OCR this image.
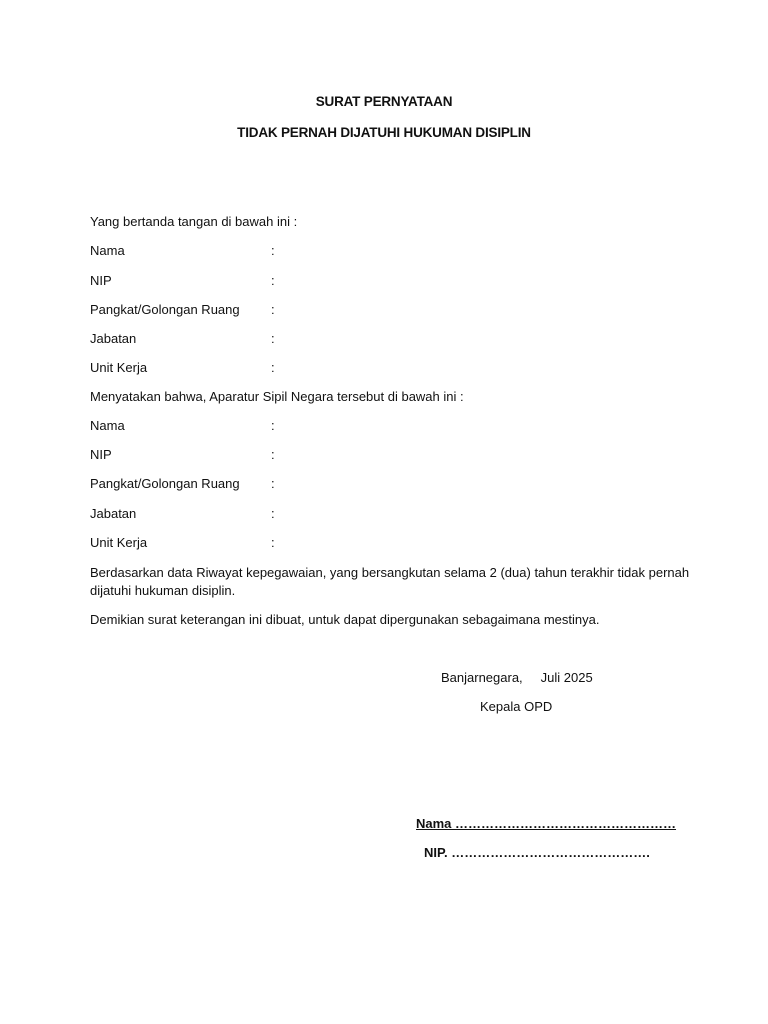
SURAT PERNYATAAN
TIDAK PERNAH DIJATUHI HUKUMAN DISIPLIN
Yang bertanda tangan di bawah ini :
Nama	:
NIP	:
Pangkat/Golongan Ruang :
Jabatan	:
Unit Kerja	:
Menyatakan bahwa, Aparatur Sipil Negara tersebut di bawah ini :
Nama	:
NIP	:
Pangkat/Golongan Ruang :
Jabatan	:
Unit Kerja	:
Berdasarkan data Riwayat kepegawaian, yang bersangkutan selama 2 (dua) tahun terakhir tidak pernah dijatuhi hukuman disiplin.
Demikian surat keterangan ini dibuat, untuk dapat dipergunakan sebagaimana mestinya.
Banjarnegara, Juli 2025
Kepala OPD
Nama ……………………………………………
NIP. ……………………………………….
